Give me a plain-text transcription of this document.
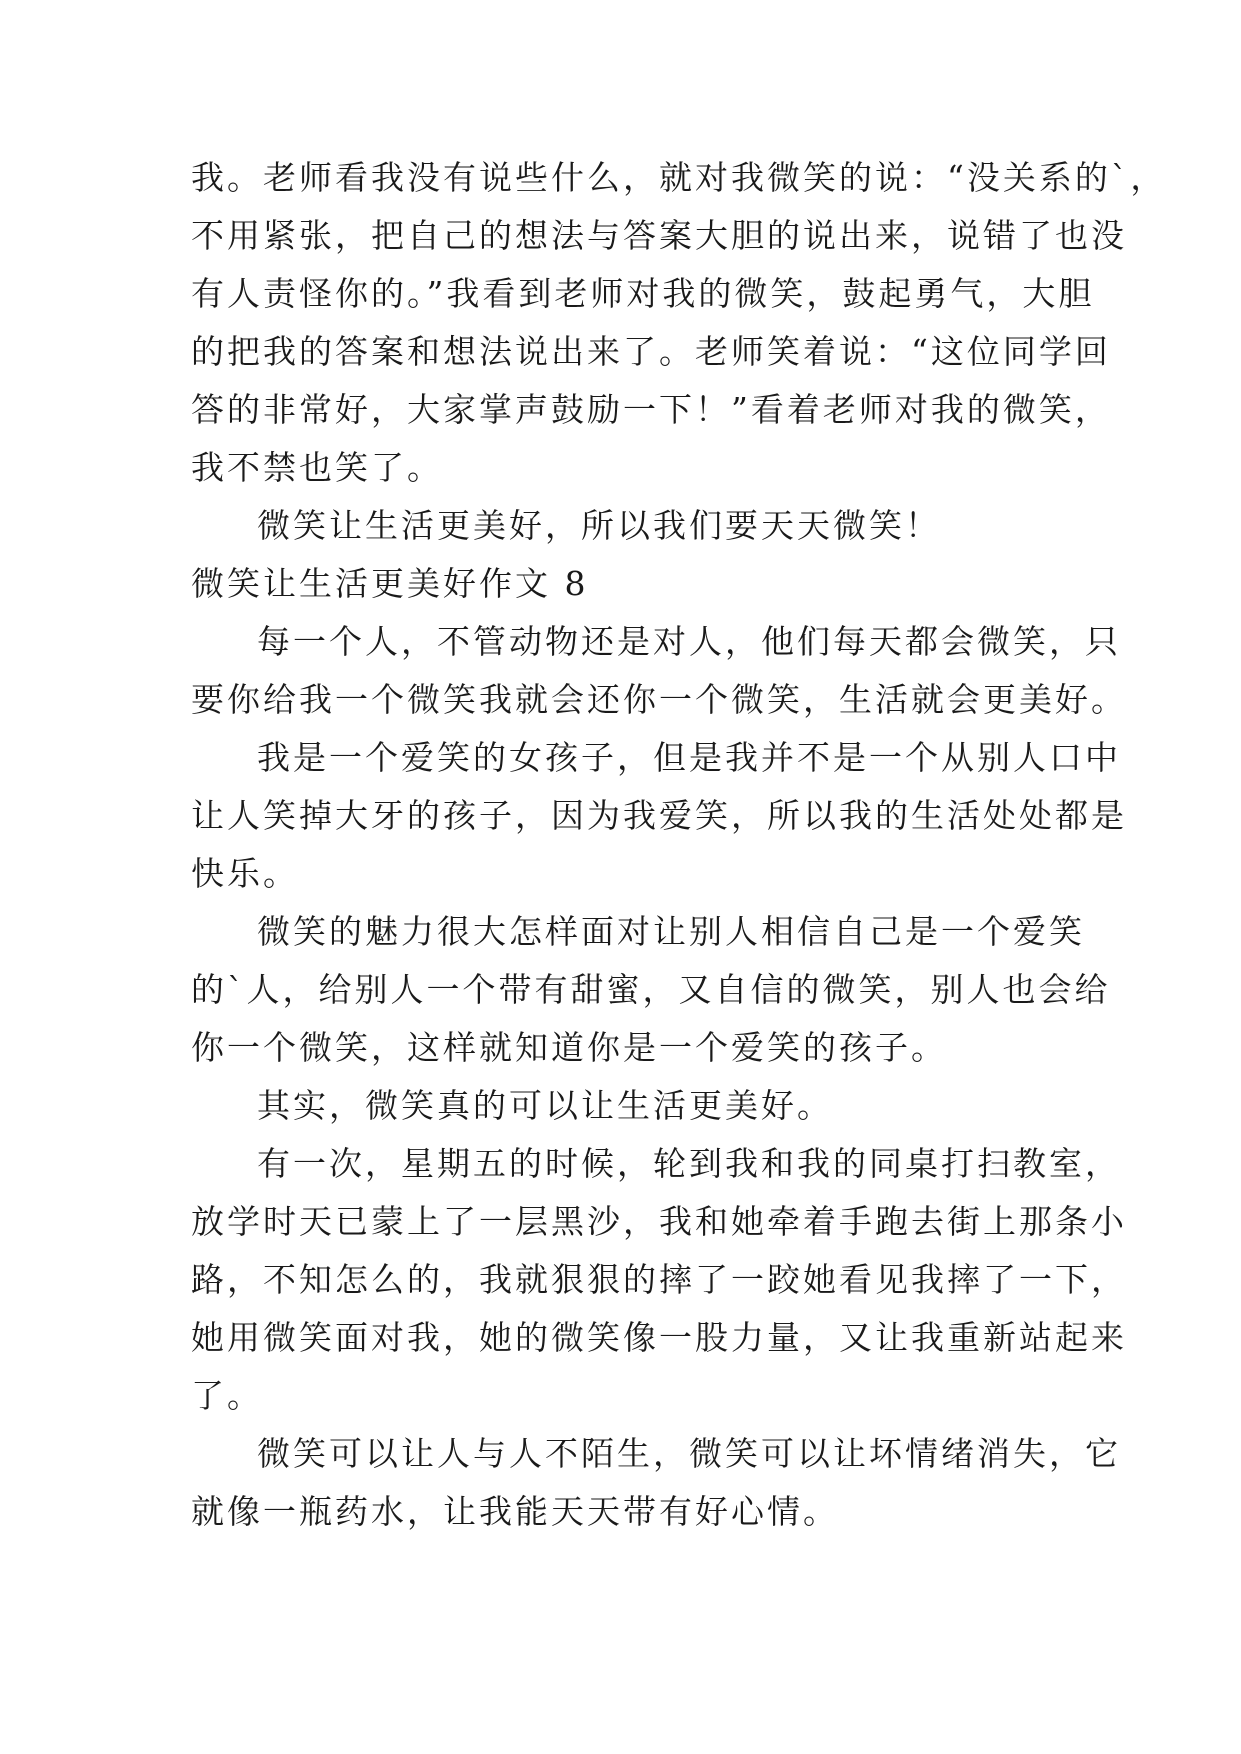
我。老师看我没有说些什么，就对我微笑的说：“没关系的`，
不用紧张，把自己的想法与答案大胆的说出来，说错了也没
有人责怪你的。”我看到老师对我的微笑，鼓起勇气，大胆
的把我的答案和想法说出来了。老师笑着说：“这位同学回
答的非常好，大家掌声鼓励一下！”看着老师对我的微笑，
我不禁也笑了。
微笑让生活更美好，所以我们要天天微笑！
微笑让生活更美好作文 8
每一个人，不管动物还是对人，他们每天都会微笑，只
要你给我一个微笑我就会还你一个微笑，生活就会更美好。
我是一个爱笑的女孩子，但是我并不是一个从别人口中
让人笑掉大牙的孩子，因为我爱笑，所以我的生活处处都是
快乐。
微笑的魅力很大怎样面对让别人相信自己是一个爱笑
的`人，给别人一个带有甜蜜，又自信的微笑，别人也会给
你一个微笑，这样就知道你是一个爱笑的孩子。
其实，微笑真的可以让生活更美好。
有一次，星期五的时候，轮到我和我的同桌打扫教室，
放学时天已蒙上了一层黑沙，我和她牵着手跑去街上那条小
路，不知怎么的，我就狠狠的摔了一跤她看见我摔了一下，
她用微笑面对我，她的微笑像一股力量，又让我重新站起来
了。
微笑可以让人与人不陌生，微笑可以让坏情绪消失，它
就像一瓶药水，让我能天天带有好心情。
